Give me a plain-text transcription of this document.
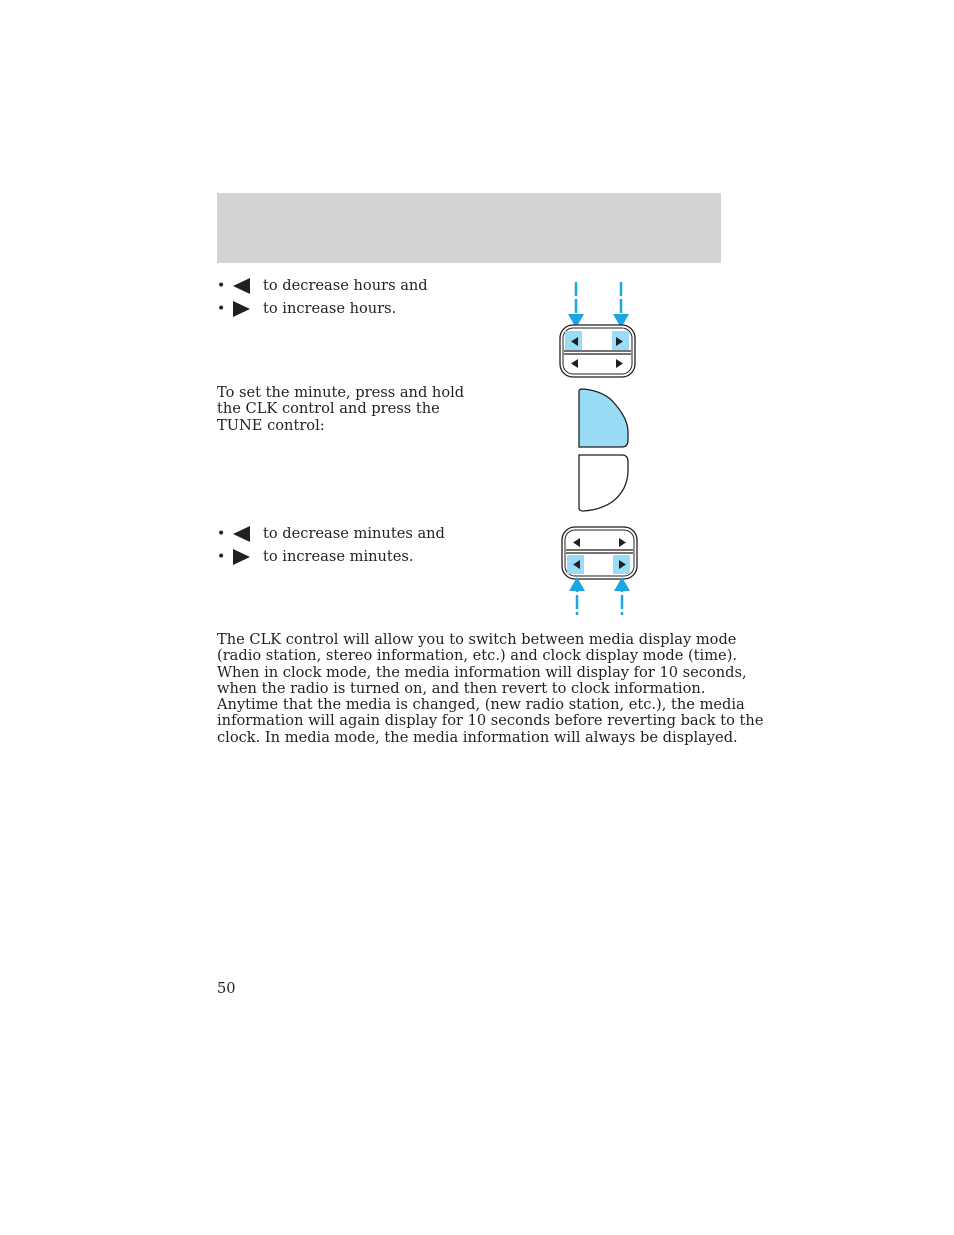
•	to decrease hours and
•	to increase hours.

To set the minute, press and hold
the CLK control and press the
TUNE control:

•	to decrease minutes and
•	to increase minutes.

The CLK control will allow you to switch between media display mode
(radio station, stereo information, etc.) and clock display mode (time).
When in clock mode, the media information will display for 10 seconds,
when the radio is turned on, and then revert to clock information.
Anytime that the media is changed, (new radio station, etc.), the media
information will again display for 10 seconds before reverting back to the
clock. In media mode, the media information will always be displayed.

50
